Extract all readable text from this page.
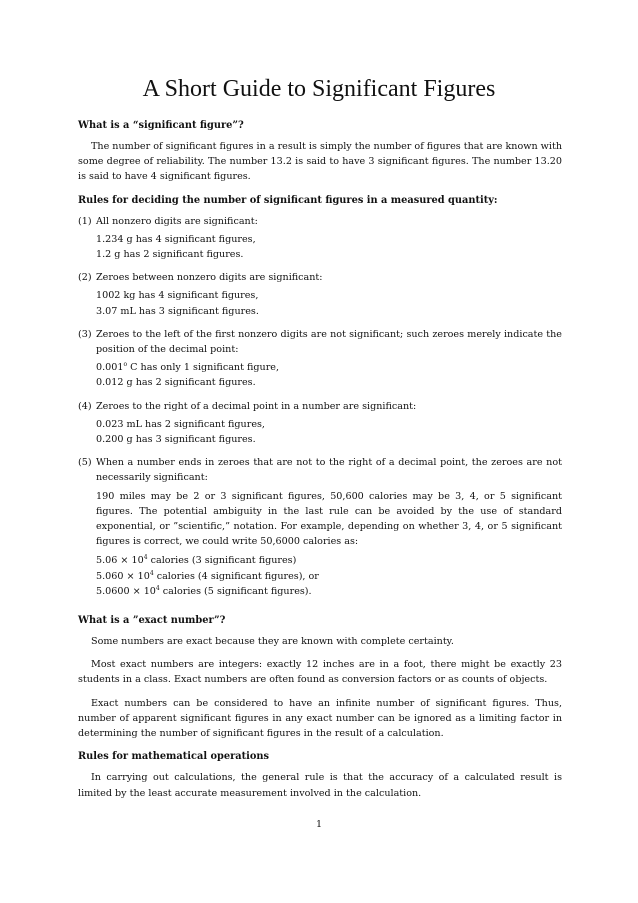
A Short Guide to Significant Figures
What is a “significant figure”?

The number of significant figures in a result is simply the number of figures that are known with some degree of reliability. The number 13.2 is said to have 3 significant figures. The number 13.20 is said to have 4 significant figures.

Rules for deciding the number of significant figures in a measured quantity:
(1) All nonzero digits are significant:

1.234 g has 4 significant figures,
1.2 g has 2 significant figures.
(2) Zeroes between nonzero digits are significant:

1002 kg has 4 significant figures,
3.07 mL has 3 significant figures.
(3) Zeroes to the left of the first nonzero digits are not significant; such zeroes merely indicate the position of the decimal point:

0.001$^o$ C has only 1 significant figure,
0.012 g has 2 significant figures.
(4) Zeroes to the right of a decimal point in a number are significant:

0.023 mL has 2 significant figures,
0.200 g has 3 significant figures.
(5) When a number ends in zeroes that are not to the right of a decimal point, the zeroes are not necessarily significant:

190 miles may be 2 or 3 significant figures, 50,600 calories may be 3, 4, or 5 significant figures. The potential ambiguity in the last rule can be avoided by the use of standard exponential, or ”scientific,” notation. For example, depending on whether 3, 4, or 5 significant figures is correct, we could write 50,6000 calories as:

$5.06 \times 10^4$ calories (3 significant figures)
$5.060 \times 10^4$ calories (4 significant figures), or
$5.0600 \times 10^4$ calories (5 significant figures).
What is a ”exact number”?

Some numbers are exact because they are known with complete certainty.

Most exact numbers are integers: exactly 12 inches are in a foot, there might be exactly 23 students in a class. Exact numbers are often found as conversion factors or as counts of objects.

Exact numbers can be considered to have an infinite number of significant figures. Thus, number of apparent significant figures in any exact number can be ignored as a limiting factor in determining the number of significant figures in the result of a calculation.

Rules for mathematical operations

In carrying out calculations, the general rule is that the accuracy of a calculated result is limited by the least accurate measurement involved in the calculation.

1
